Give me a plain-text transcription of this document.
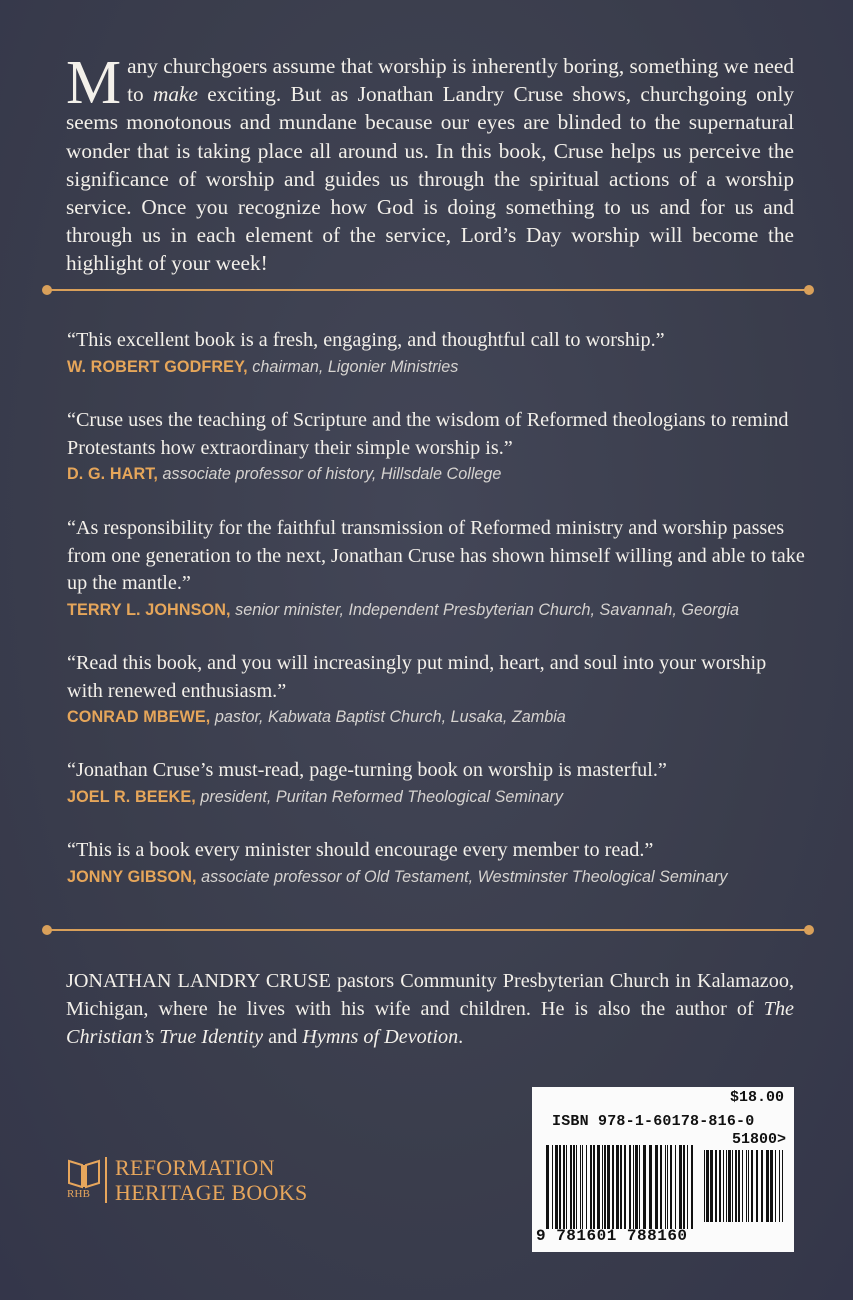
Many churchgoers assume that worship is inherently boring, something we need to make exciting. But as Jonathan Landry Cruse shows, churchgoing only seems monotonous and mundane because our eyes are blinded to the supernatural wonder that is taking place all around us. In this book, Cruse helps us perceive the significance of worship and guides us through the spiritual actions of a worship service. Once you recognize how God is doing something to us and for us and through us in each element of the service, Lord’s Day worship will become the highlight of your week!

“This excellent book is a fresh, engaging, and thoughtful call to worship.”

W. ROBERT GODFREY, chairman, Ligonier Ministries

“Cruse uses the teaching of Scripture and the wisdom of Reformed theologians to remind Protestants how extraordinary their simple worship is.”

D. G. HART, associate professor of history, Hillsdale College

“As responsibility for the faithful transmission of Reformed ministry and worship passes from one generation to the next, Jonathan Cruse has shown himself willing and able to take up the mantle.”

TERRY L. JOHNSON, senior minister, Independent Presbyterian Church, Savannah, Georgia

“Read this book, and you will increasingly put mind, heart, and soul into your worship with renewed enthusiasm.”

CONRAD MBEWE, pastor, Kabwata Baptist Church, Lusaka, Zambia

“Jonathan Cruse’s must-read, page-turning book on worship is masterful.”

JOEL R. BEEKE, president, Puritan Reformed Theological Seminary

“This is a book every minister should encourage every member to read.”

JONNY GIBSON, associate professor of Old Testament, Westminster Theological Seminary

JONATHAN LANDRY CRUSE pastors Community Presbyterian Church in Kalamazoo, Michigan, where he lives with his wife and children. He is also the author of The Christian’s True Identity and Hymns of Devotion.

RHB
REFORMATION
HERITAGE BOOKS
$18.00
ISBN 978-1-60178-816-0
51800>
9 781601 788160
